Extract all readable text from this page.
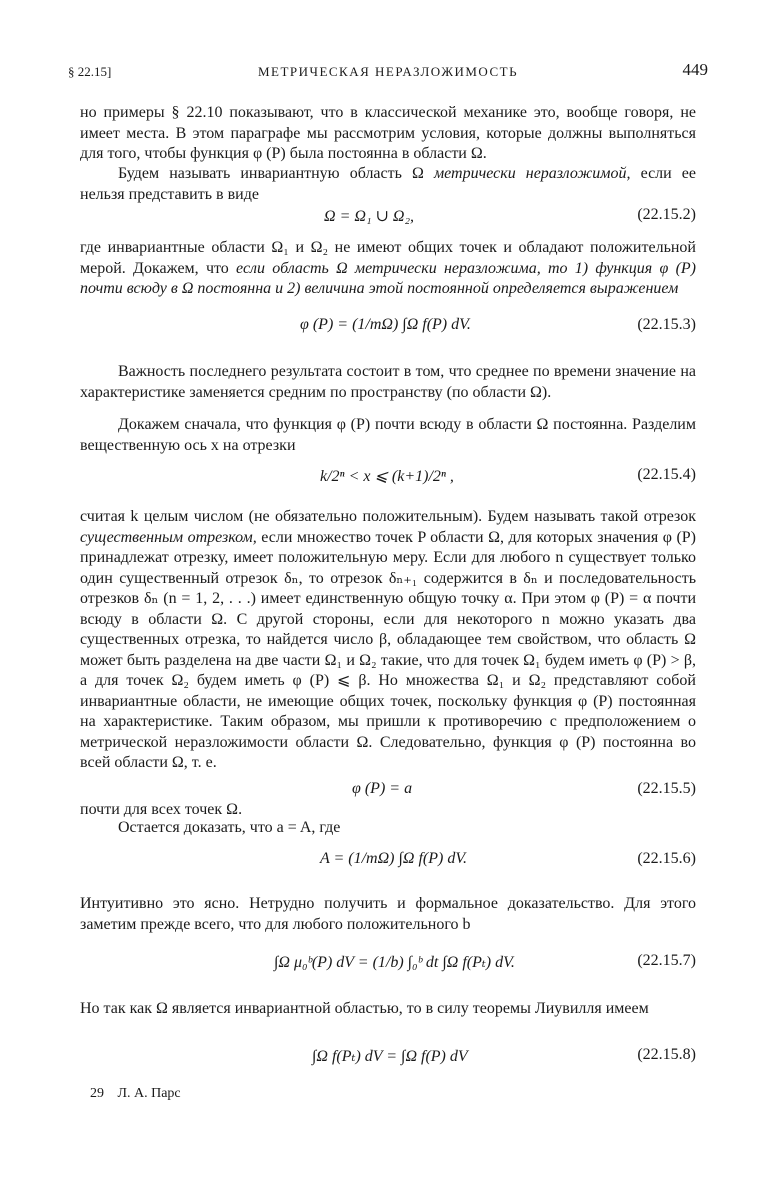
§ 22.15]	МЕТРИЧЕСКАЯ НЕРАЗЛОЖИМОСТЬ	449

но примеры § 22.10 показывают, что в классической механике это, вообще говоря, не имеет места. В этом параграфе мы рассмотрим условия, которые должны выполняться для того, чтобы функция φ (P) была постоянна в области Ω.

Будем называть инвариантную область Ω метрически неразложимой, если ее нельзя представить в виде

Ω = Ω₁ ∪ Ω₂,	(22.15.2)

где инвариантные области Ω₁ и Ω₂ не имеют общих точек и обладают положительной мерой. Докажем, что если область Ω метрически неразложима, то 1) функция φ (P) почти всюду в Ω постоянна и 2) величина этой постоянной определяется выражением

φ (P) = (1/mΩ) ∫Ω f(P) dV.	(22.15.3)

Важность последнего результата состоит в том, что среднее по времени значение на характеристике заменяется средним по пространству (по области Ω).

Докажем сначала, что функция φ (P) почти всюду в области Ω постоянна. Разделим вещественную ось x на отрезки

k/2ⁿ < x ⩽ (k+1)/2ⁿ ,	(22.15.4)

считая k целым числом (не обязательно положительным). Будем называть такой отрезок существенным отрезком, если множество точек P области Ω, для которых значения φ (P) принадлежат отрезку, имеет положительную меру. Если для любого n существует только один существенный отрезок δₙ, то отрезок δₙ₊₁ содержится в δₙ и последовательность отрезков δₙ (n = 1, 2, . . .) имеет единственную общую точку α. При этом φ (P) = α почти всюду в области Ω. С другой стороны, если для некоторого n можно указать два существенных отрезка, то найдется число β, обладающее тем свойством, что область Ω может быть разделена на две части Ω₁ и Ω₂ такие, что для точек Ω₁ будем иметь φ (P) > β, а для точек Ω₂ будем иметь φ (P) ⩽ β. Но множества Ω₁ и Ω₂ представляют собой инвариантные области, не имеющие общих точек, поскольку функция φ (P) постоянная на характеристике. Таким образом, мы пришли к противоречию с предположением о метрической неразложимости области Ω. Следовательно, функция φ (P) постоянна во всей области Ω, т. е.

φ (P) = a	(22.15.5)

почти для всех точек Ω.

Остается доказать, что a = A, где

A = (1/mΩ) ∫Ω f(P) dV.	(22.15.6)

Интуитивно это ясно. Нетрудно получить и формальное доказательство. Для этого заметим прежде всего, что для любого положительного b

∫Ω μ₀ᵇ(P) dV = (1/b) ∫₀ᵇ dt ∫Ω f(Pₜ) dV.	(22.15.7)

Но так как Ω является инвариантной областью, то в силу теоремы Лиувилля имеем

∫Ω f(Pₜ) dV = ∫Ω f(P) dV	(22.15.8)
29 Л. А. Парс
